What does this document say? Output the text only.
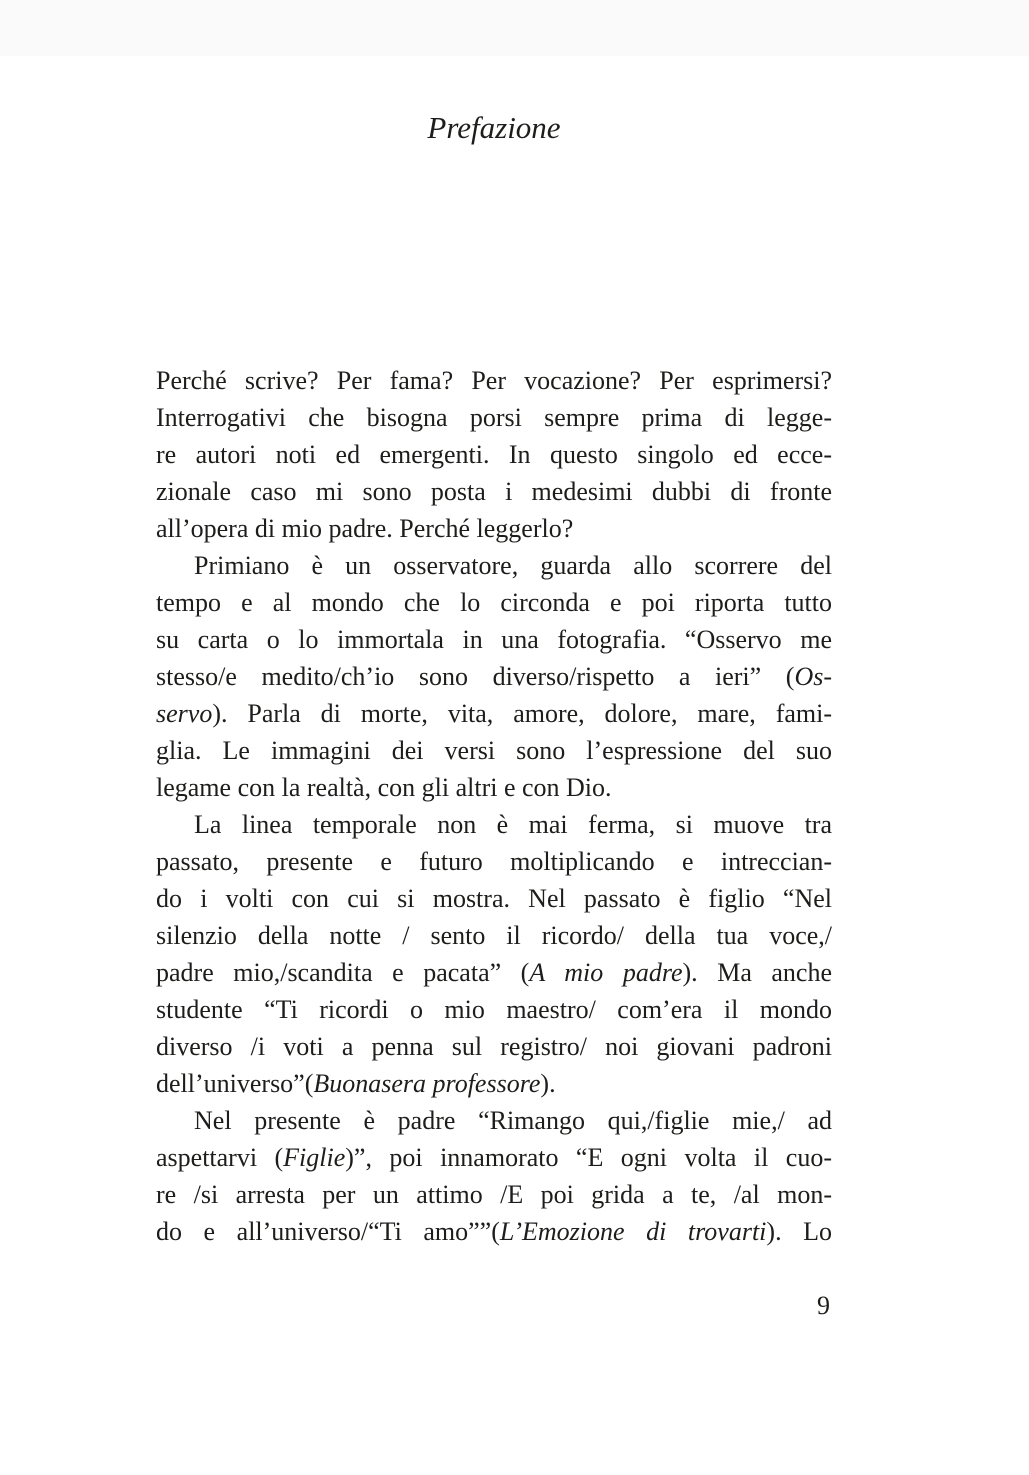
Prefazione
Perché scrive? Per fama? Per vocazione? Per esprimersi?
Interrogativi che bisogna porsi sempre prima di legge-
re autori noti ed emergenti. In questo singolo ed ecce-
zionale caso mi sono posta i medesimi dubbi di fronte
all’opera di mio padre. Perché leggerlo?
Primiano è un osservatore, guarda allo scorrere del
tempo e al mondo che lo circonda e poi riporta tutto
su carta o lo immortala in una fotografia. “Osservo me
stesso/e medito/ch’io sono diverso/rispetto a ieri” (Os-
servo). Parla di morte, vita, amore, dolore, mare, fami-
glia. Le immagini dei versi sono l’espressione del suo
legame con la realtà, con gli altri e con Dio.
La linea temporale non è mai ferma, si muove tra
passato, presente e futuro moltiplicando e intreccian-
do i volti con cui si mostra. Nel passato è figlio “Nel
silenzio della notte / sento il ricordo/ della tua voce,/
padre mio,/scandita e pacata” (A mio padre). Ma anche
studente “Ti ricordi o mio maestro/ com’era il mondo
diverso /i voti a penna sul registro/ noi giovani padroni
dell’universo”(Buonasera professore).
Nel presente è padre “Rimango qui,/figlie mie,/ ad
aspettarvi (Figlie)”, poi innamorato “E ogni volta il cuo-
re /si arresta per un attimo /E poi grida a te, /al mon-
do e all’universo/“Ti amo””(L’Emozione di trovarti). Lo
9
